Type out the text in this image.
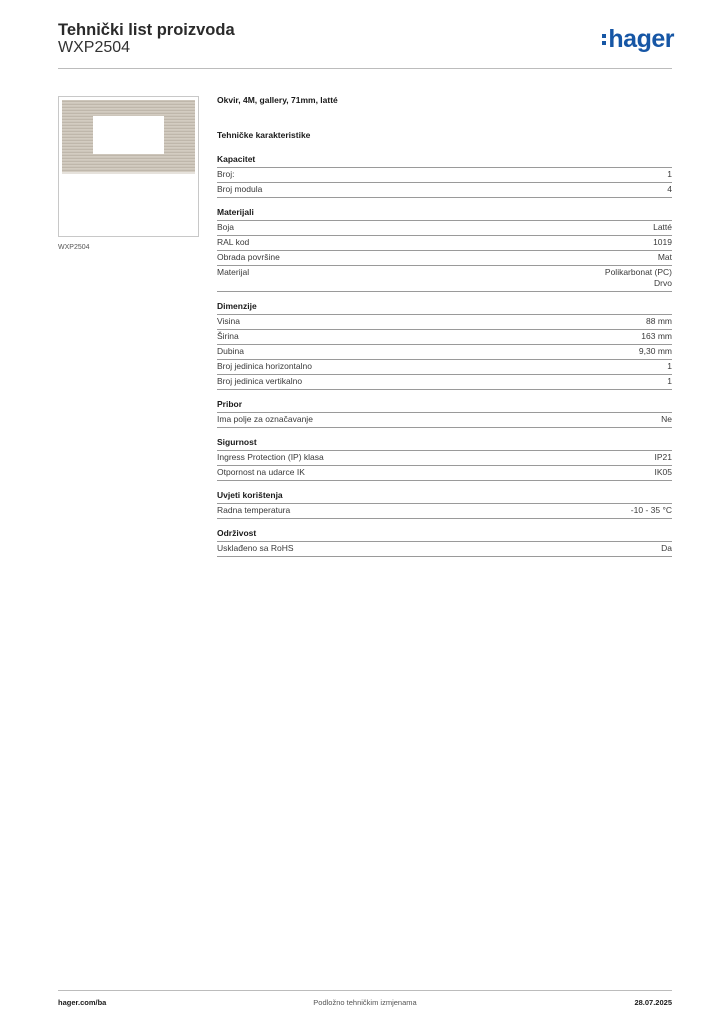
Tehnički list proizvoda
WXP2504	hager
WXP2504
Okvir, 4M, gallery, 71mm, latté
Tehničke karakteristike
Kapacitet
Broj:	1
Broj modula	4
Materijali
Boja	Latté
RAL kod	1019
Obrada površine	Mat
Materijal	Polikarbonat (PC)
Drvo
Dimenzije
Visina	88 mm
Širina	163 mm
Dubina	9,30 mm
Broj jedinica horizontalno	1
Broj jedinica vertikalno	1
Pribor
Ima polje za označavanje	Ne
Sigurnost
Ingress Protection (IP) klasa	IP21
Otpornost na udarce IK	IK05
Uvjeti korištenja
Radna temperatura	-10 - 35 °C
Održivost
Usklađeno sa RoHS	Da
hager.com/ba	Podložno tehničkim izmjenama	28.07.2025
